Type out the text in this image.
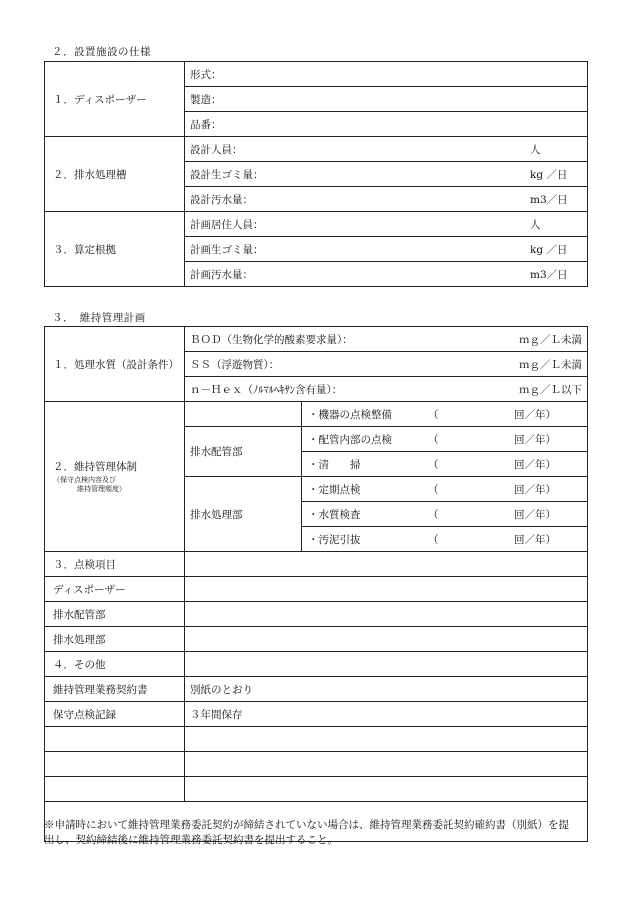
２．設置施設の仕様
１．ディスポーザー	形式：
	製造：
	品番：
２．排水処理槽	設計人員： 人

	設計生ゴミ量： kg ／日

	設計汚水量： m3／日

３．算定根拠	計画居住人員： 人

	計画生ゴミ量： kg ／日

	計画汚水量： m3／日
３．　維持管理計画
１．処理水質（設計条件）	ＢＯＤ（生物化学的酸素要求量）： ｍｇ／Ｌ未満	

	ＳＳ（浮遊物質）： ｍｇ／Ｌ未満	

	ｎ－Ｈｅｘ（ﾉﾙﾏﾙﾍｷｻﾝ含有量）： ｍｇ／Ｌ以下	

２．維持管理体制
（保守点検内容及び
維持管理頻度）		・機器の点検整備 （ 回／年）

	排水配管部	・配管内部の点検 （ 回／年）

		・清　　掃 （ 回／年）

	排水処理部	・定期点検 （ 回／年）

		・水質検査 （ 回／年）

		・汚泥引抜 （ 回／年）

３．点検項目		
ディスポーザー		
排水配管部		
排水処理部		
４．その他		
維持管理業務契約書	別紙のとおり	
保守点検記録	３年間保存	

※申請時において維持管理業務委託契約が締結されていない場合は、維持管理業務委託契約確約書（別紙）を提出し、契約締結後に維持管理業務委託契約書を提出すること。
